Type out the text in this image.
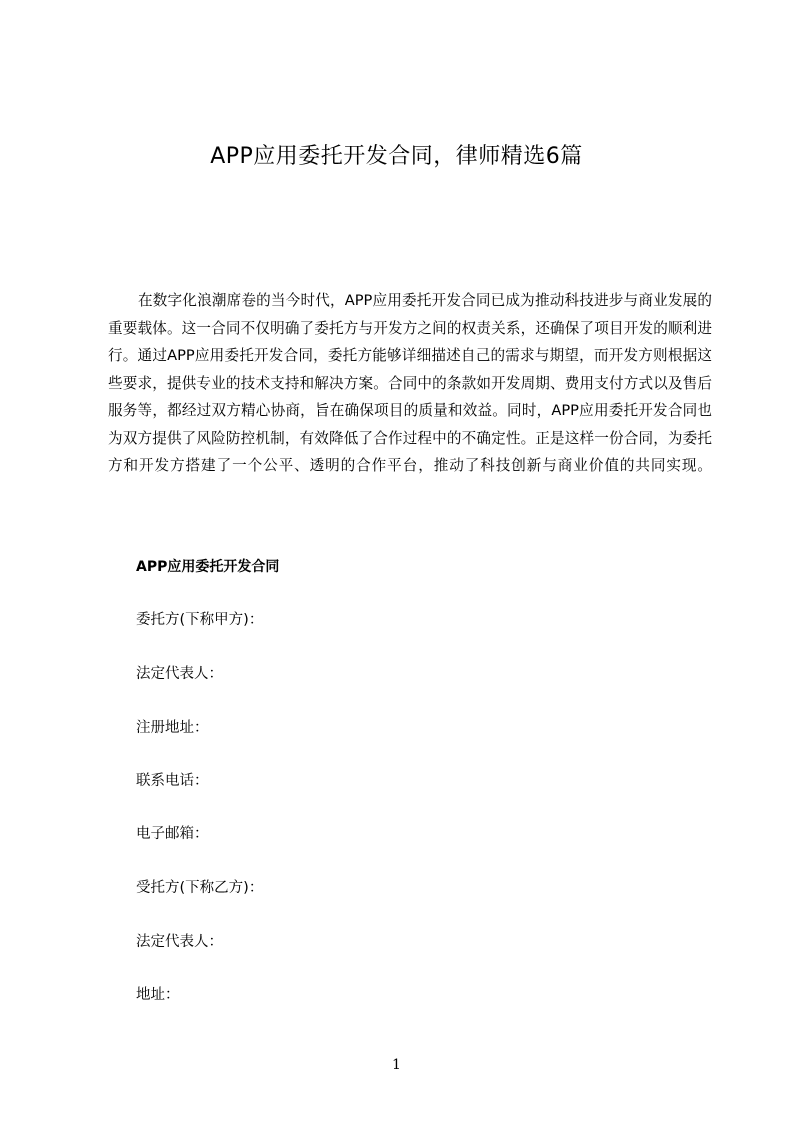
APP应用委托开发合同，律师精选6篇

在数字化浪潮席卷的当今时代，APP应用委托开发合同已成为推动科技进步与商业发展的重要载体。这一合同不仅明确了委托方与开发方之间的权责关系，还确保了项目开发的顺利进行。通过APP应用委托开发合同，委托方能够详细描述自己的需求与期望，而开发方则根据这些要求，提供专业的技术支持和解决方案。合同中的条款如开发周期、费用支付方式以及售后服务等，都经过双方精心协商，旨在确保项目的质量和效益。同时，APP应用委托开发合同也为双方提供了风险防控机制，有效降低了合作过程中的不确定性。正是这样一份合同，为委托方和开发方搭建了一个公平、透明的合作平台，推动了科技创新与商业价值的共同实现。

APP应用委托开发合同

委托方(下称甲方)：

法定代表人：

注册地址：

联系电话：

电子邮箱：

受托方(下称乙方)：

法定代表人：

地址：

1
